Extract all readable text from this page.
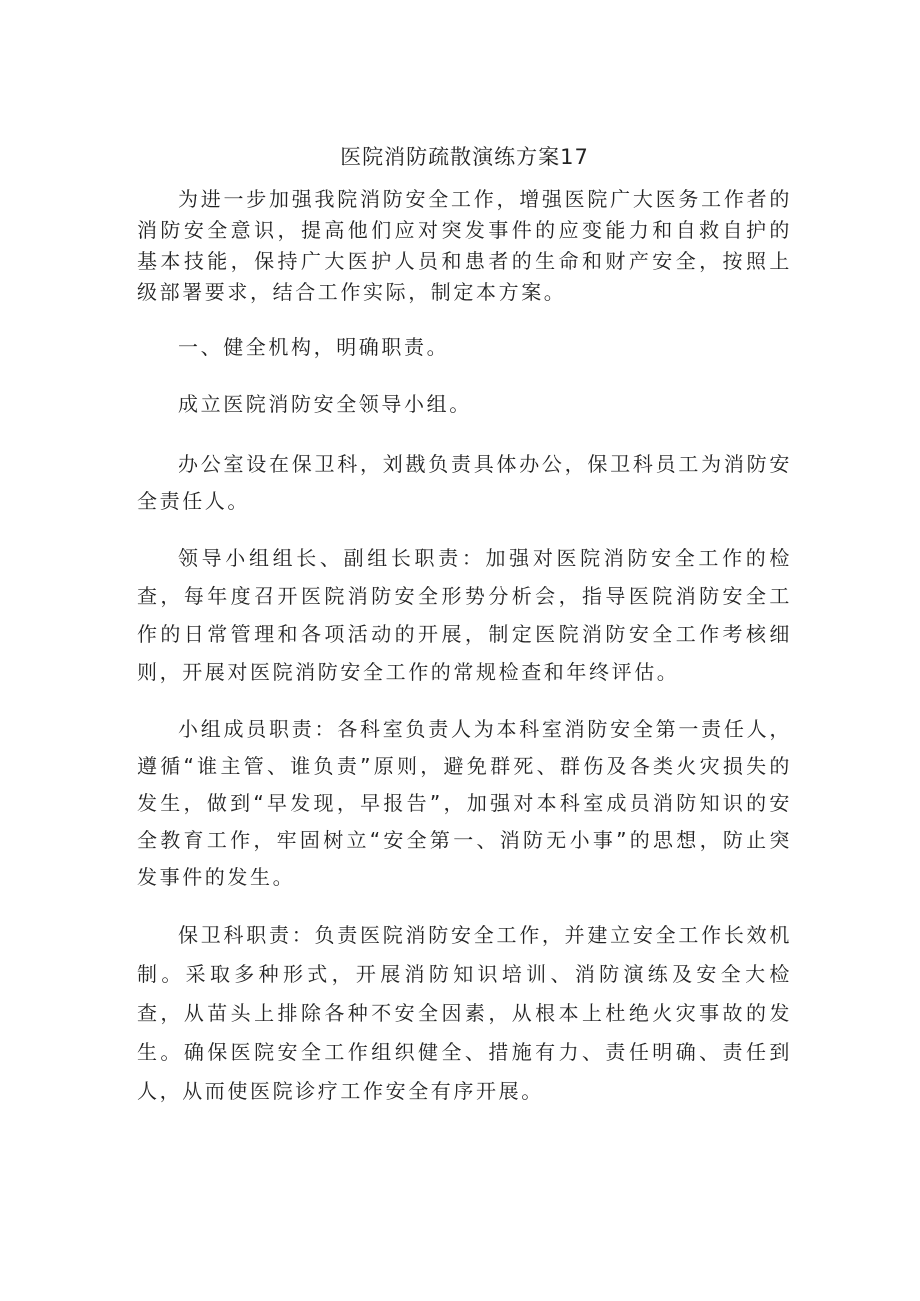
医院消防疏散演练方案17

为进一步加强我院消防安全工作，增强医院广大医务工作者的消防安全意识，提高他们应对突发事件的应变能力和自救自护的基本技能，保持广大医护人员和患者的生命和财产安全，按照上级部署要求，结合工作实际，制定本方案。

一、健全机构，明确职责。

成立医院消防安全领导小组。

办公室设在保卫科，刘戡负责具体办公，保卫科员工为消防安全责任人。

领导小组组长、副组长职责：加强对医院消防安全工作的检查，每年度召开医院消防安全形势分析会，指导医院消防安全工作的日常管理和各项活动的开展，制定医院消防安全工作考核细则，开展对医院消防安全工作的常规检查和年终评估。

小组成员职责：各科室负责人为本科室消防安全第一责任人，遵循“谁主管、谁负责”原则，避免群死、群伤及各类火灾损失的发生，做到“早发现，早报告”，加强对本科室成员消防知识的安全教育工作，牢固树立“安全第一、消防无小事”的思想，防止突发事件的发生。

保卫科职责：负责医院消防安全工作，并建立安全工作长效机制。采取多种形式，开展消防知识培训、消防演练及安全大检查，从苗头上排除各种不安全因素，从根本上杜绝火灾事故的发生。确保医院安全工作组织健全、措施有力、责任明确、责任到人，从而使医院诊疗工作安全有序开展。
